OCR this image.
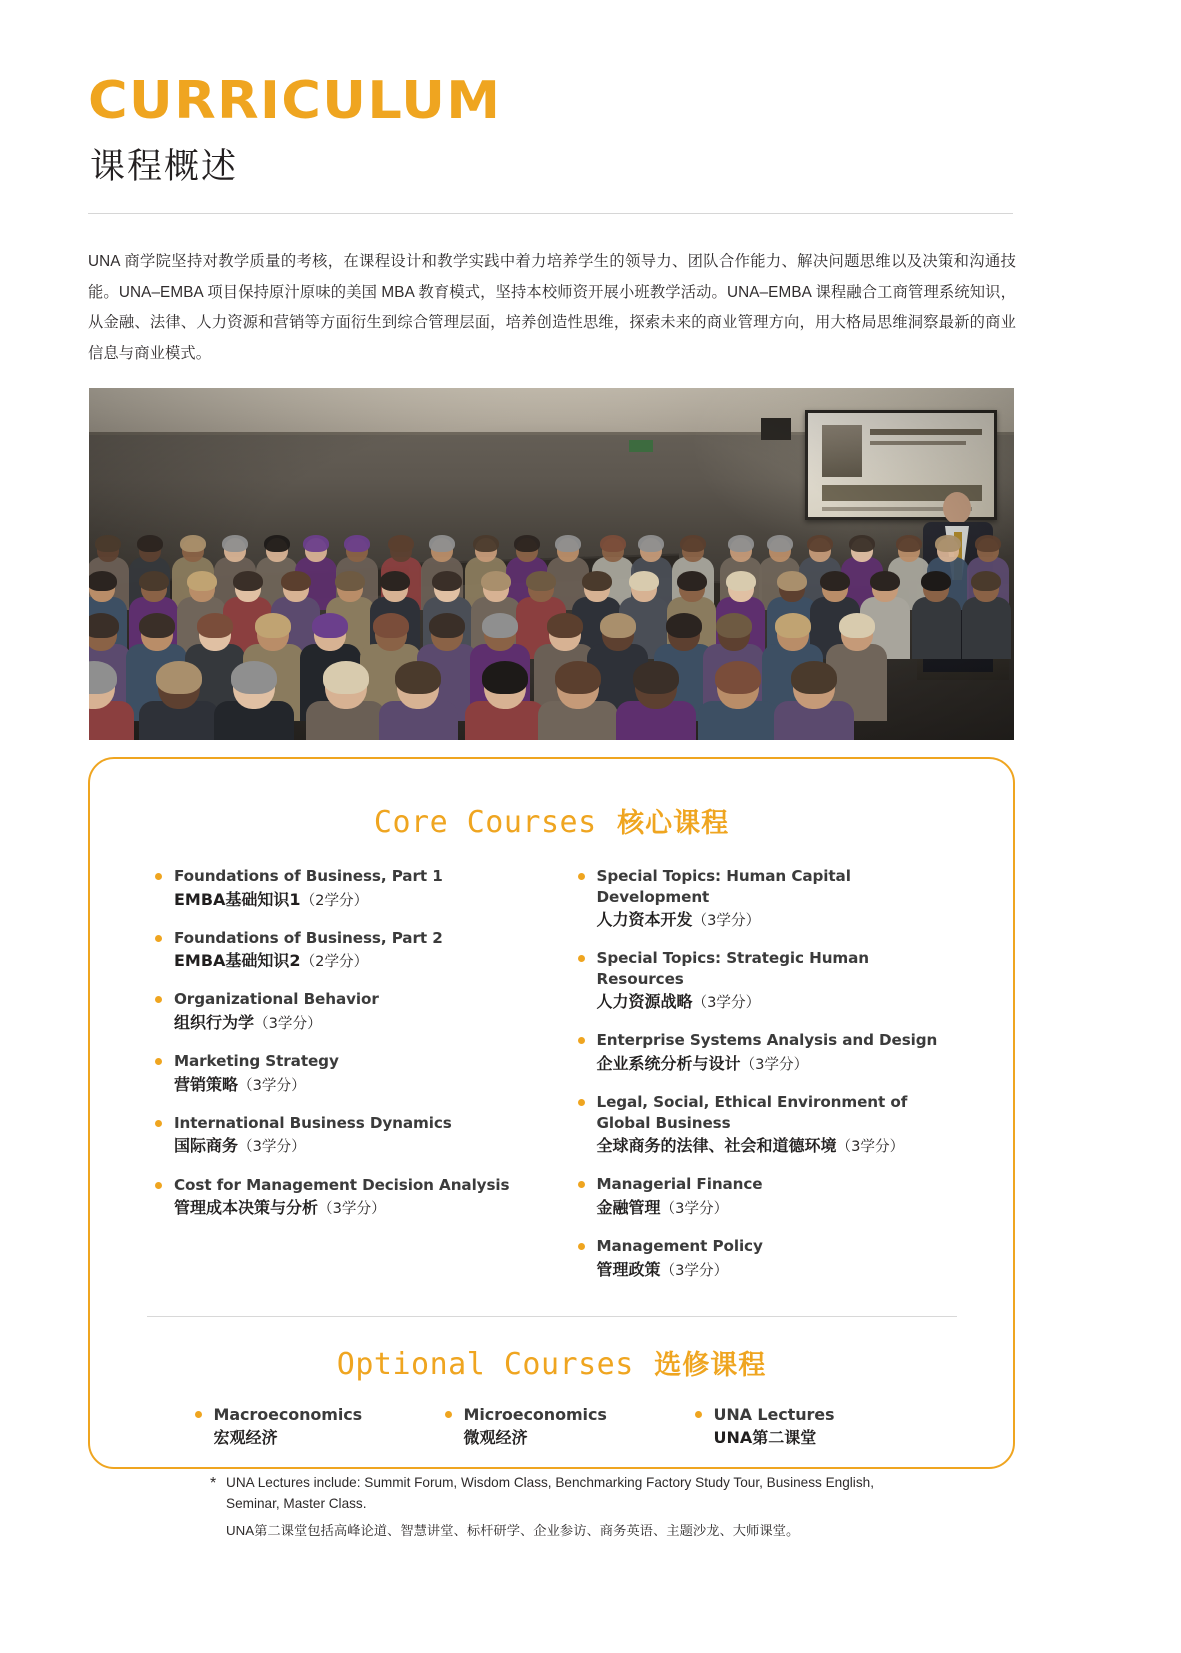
CURRICULUM
课程概述
UNA 商学院坚持对教学质量的考核，在课程设计和教学实践中着力培养学生的领导力、团队合作能力、解决问题思维以及决策和沟通技能。UNA–EMBA 项目保持原汁原味的美国 MBA 教育模式，坚持本校师资开展小班教学活动。UNA–EMBA 课程融合工商管理系统知识，从金融、法律、人力资源和营销等方面衍生到综合管理层面，培养创造性思维，探索未来的商业管理方向，用大格局思维洞察最新的商业信息与商业模式。
Core Courses 核心课程
Foundations of Business, Part 1
EMBA基础知识1（2学分）
Foundations of Business, Part 2
EMBA基础知识2（2学分）
Organizational Behavior
组织行为学（3学分）
Marketing Strategy
营销策略（3学分）
International Business Dynamics
国际商务（3学分）
Cost for Management Decision Analysis
管理成本决策与分析（3学分）
Special Topics: Human Capital Development
人力资本开发（3学分）
Special Topics: Strategic Human Resources
人力资源战略（3学分）
Enterprise Systems Analysis and Design
企业系统分析与设计（3学分）
Legal, Social, Ethical Environment of Global Business
全球商务的法律、社会和道德环境（3学分）
Managerial Finance
金融管理（3学分）
Management Policy
管理政策（3学分）
Optional Courses 选修课程
Macroeconomics
宏观经济
Microeconomics
微观经济
UNA Lectures
UNA第二课堂
* UNA Lectures include: Summit Forum, Wisdom Class, Benchmarking Factory Study Tour, Business English, Seminar, Master Class.
UNA第二课堂包括高峰论道、智慧讲堂、标杆研学、企业参访、商务英语、主题沙龙、大师课堂。
